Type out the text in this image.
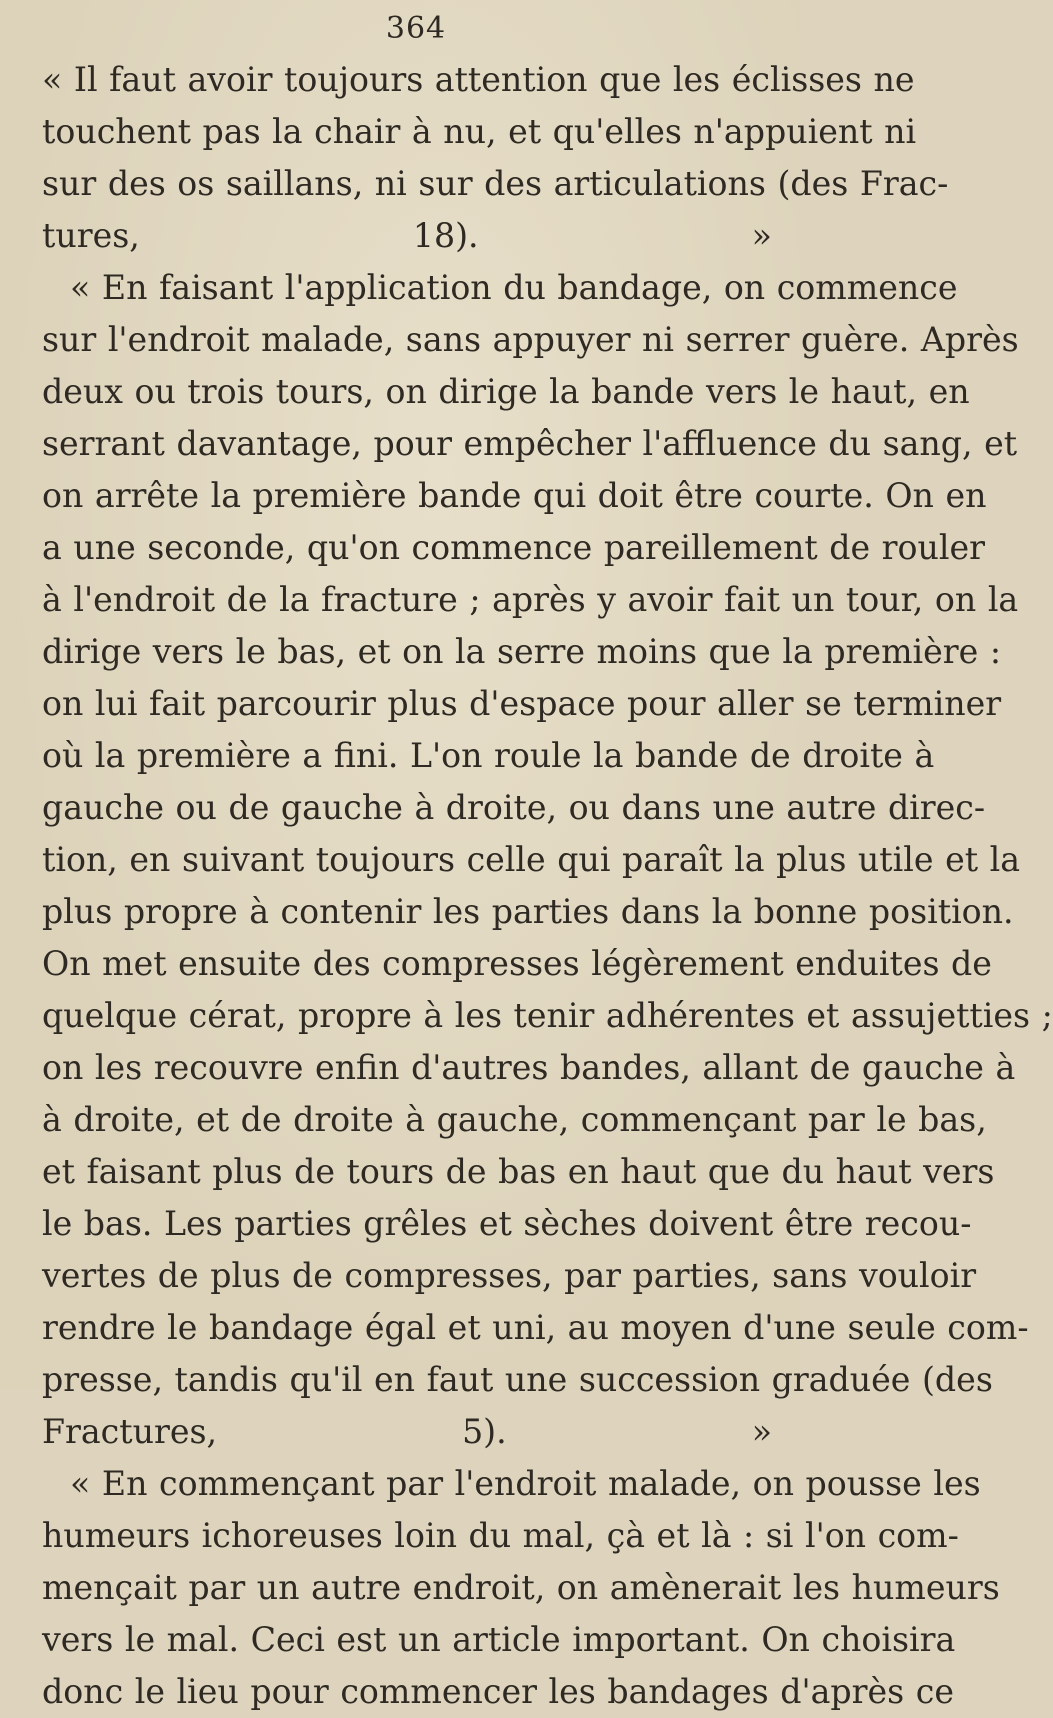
364
« Il faut avoir toujours attention que les éclisses ne
touchent pas la chair à nu, et qu'elles n'appuient ni
sur des os saillans, ni sur des articulations (des Frac-
tures, 18). »
« En faisant l'application du bandage, on commence
sur l'endroit malade, sans appuyer ni serrer guère. Après
deux ou trois tours, on dirige la bande vers le haut, en
serrant davantage, pour empêcher l'affluence du sang, et
on arrête la première bande qui doit être courte. On en
a une seconde, qu'on commence pareillement de rouler
à l'endroit de la fracture ; après y avoir fait un tour, on la
dirige vers le bas, et on la serre moins que la première :
on lui fait parcourir plus d'espace pour aller se terminer
où la première a fini. L'on roule la bande de droite à
gauche ou de gauche à droite, ou dans une autre direc-
tion, en suivant toujours celle qui paraît la plus utile et la
plus propre à contenir les parties dans la bonne position.
On met ensuite des compresses légèrement enduites de
quelque cérat, propre à les tenir adhérentes et assujetties ;
on les recouvre enfin d'autres bandes, allant de gauche à
à droite, et de droite à gauche, commençant par le bas,
et faisant plus de tours de bas en haut que du haut vers
le bas. Les parties grêles et sèches doivent être recou-
vertes de plus de compresses, par parties, sans vouloir
rendre le bandage égal et uni, au moyen d'une seule com-
presse, tandis qu'il en faut une succession graduée (des
Fractures, 5). »
« En commençant par l'endroit malade, on pousse les
humeurs ichoreuses loin du mal, çà et là : si l'on com-
mençait par un autre endroit, on amènerait les humeurs
vers le mal. Ceci est un article important. On choisira
donc le lieu pour commencer les bandages d'après ce
